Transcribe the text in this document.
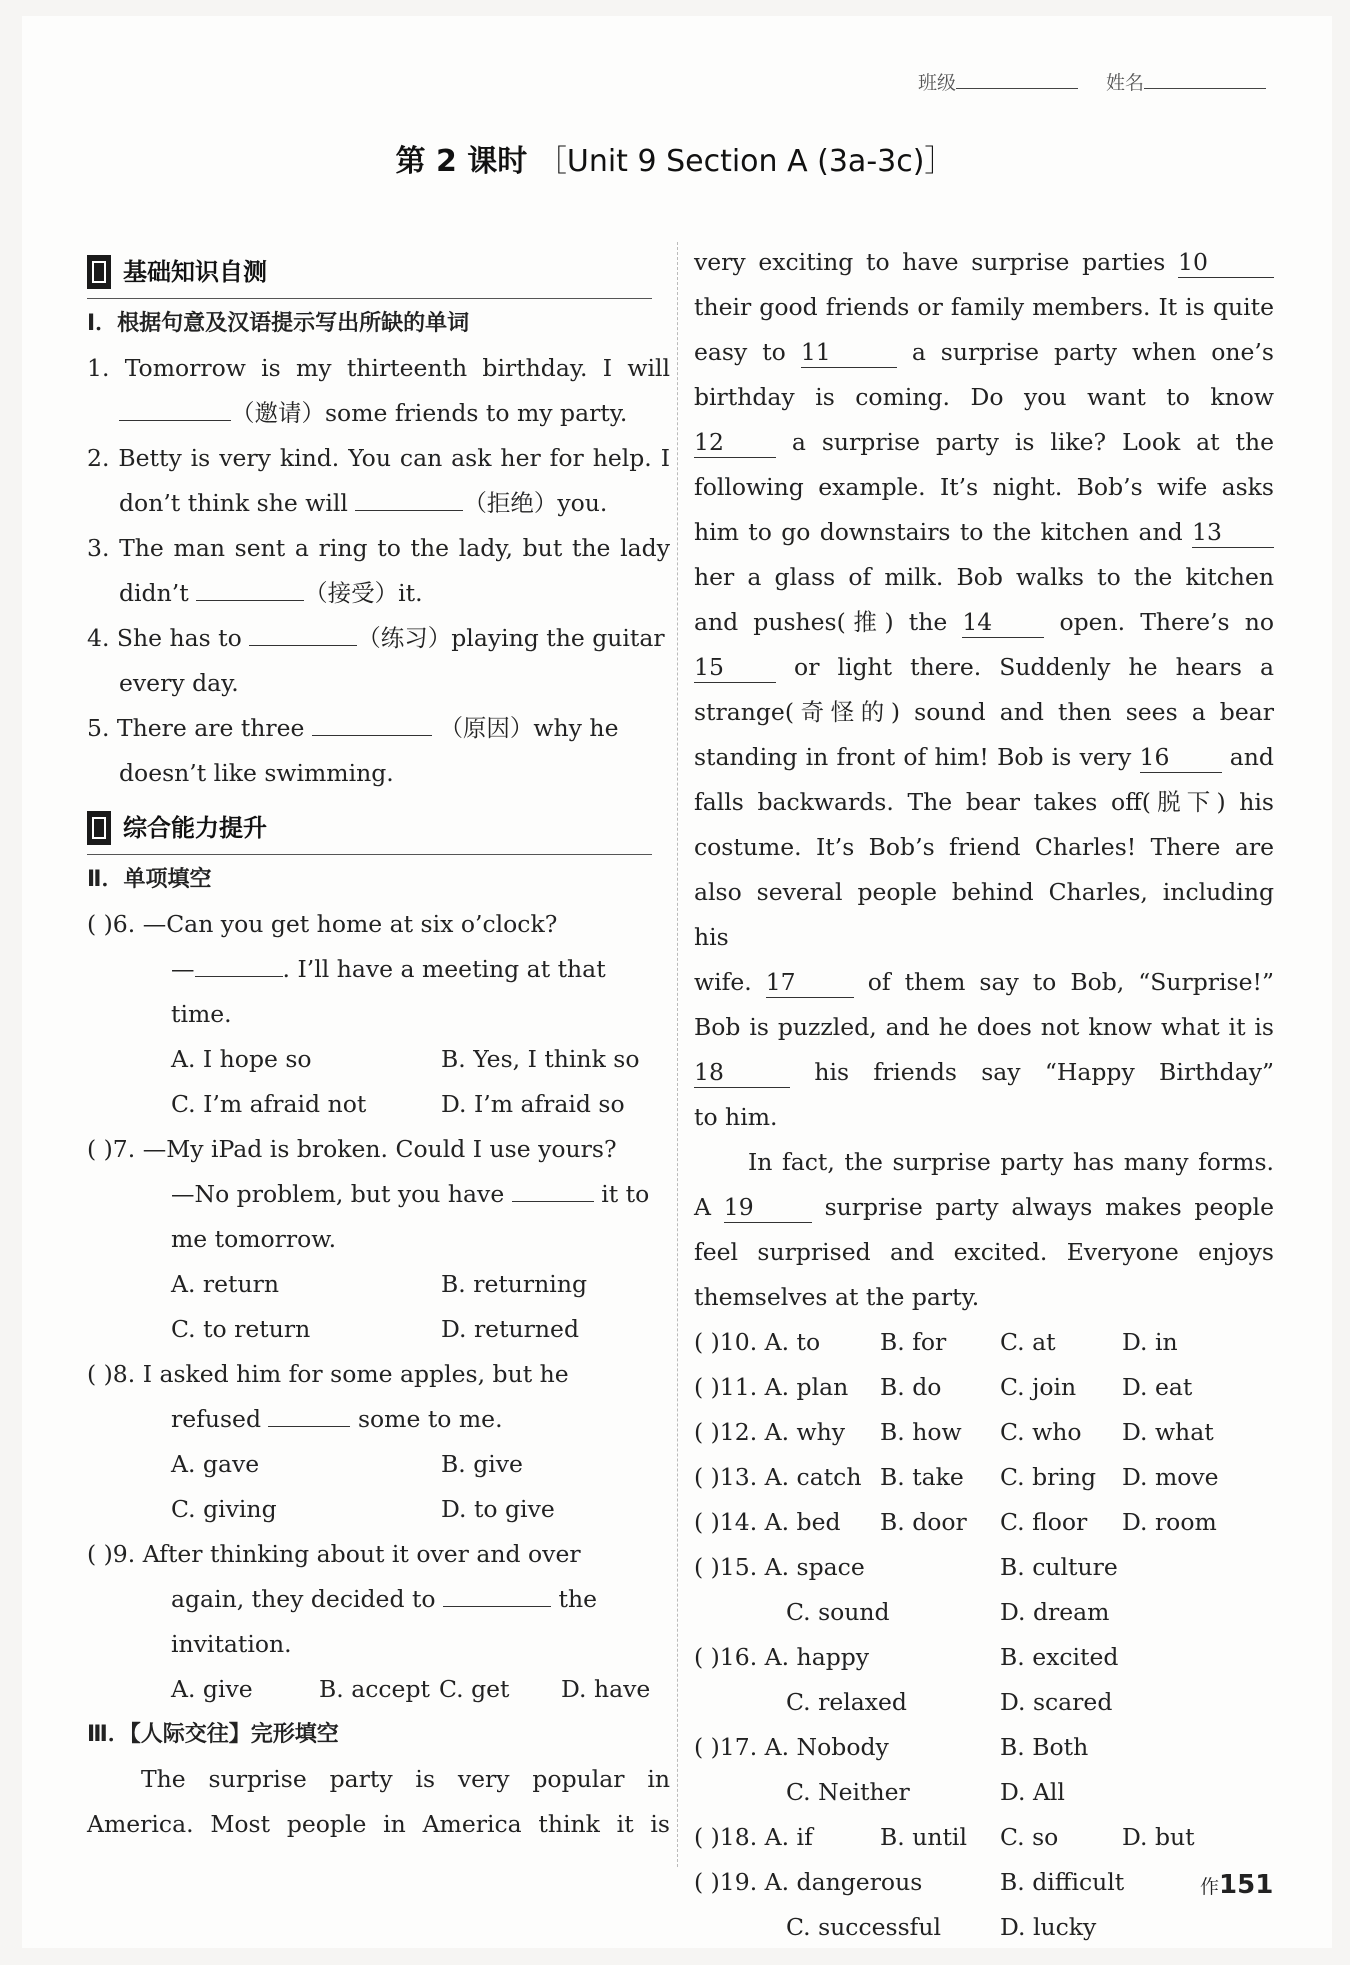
班级	姓名
第 2 课时 ［Unit 9 Section A (3a-3c)］
基础知识自测
Ⅰ．根据句意及汉语提示写出所缺的单词
1. Tomorrow is my thirteenth birthday. I will
（邀请）some friends to my party.
2. Betty is very kind. You can ask her for help. I
don’t think she will	（拒绝）you.
3. The man sent a ring to the lady, but the lady
didn’t	（接受）it.
4. She has to	（练习）playing the guitar
every day.
5. There are three	（原因）why he
doesn’t like swimming.
综合能力提升
Ⅱ．单项填空
( )6. —Can you get home at six o’clock?
—	. I’ll have a meeting at that
time.
A. I hope so	B. Yes, I think so
C. I’m afraid not	D. I’m afraid so
( )7. —My iPad is broken. Could I use yours?
—No problem, but you have	it to
me tomorrow.
A. return	B. returning
C. to return	D. returned
( )8. I asked him for some apples, but he
refused	some to me.
A. gave	B. give
C. giving	D. to give
( )9. After thinking about it over and over
again, they decided to	the
invitation.
A. give	B. accept C. get	D. have
Ⅲ．【人际交往】完形填空
The surprise party is very popular in
America. Most people in America think it is
very exciting to have surprise parties 10
their good friends or family members. It is quite
easy to 11	a surprise party when one’s
birthday is coming. Do you want to know
12	a surprise party is like? Look at the
following example. It’s night. Bob’s wife asks
him to go downstairs to the kitchen and 13
her a glass of milk. Bob walks to the kitchen
and pushes(推) the 14	open. There’s no
15	or light there. Suddenly he hears a
strange(奇怪的) sound and then sees a bear
standing in front of him! Bob is very 16	and
falls backwards. The bear takes off(脱下) his
costume. It’s Bob’s friend Charles! There are
also several people behind Charles, including his
wife. 17	of them say to Bob, “Surprise!”
Bob is puzzled, and he does not know what it is
18	his friends say “Happy Birthday”
to him.
In fact, the surprise party has many forms.
A 19	surprise party always makes people
feel surprised and excited. Everyone enjoys
themselves at the party.
( )10. A. to	B. for	C. at	D. in
( )11. A. plan	B. do	C. join	D. eat
( )12. A. why	B. how	C. who	D. what
( )13. A. catch B. take	C. bring	D. move
( )14. A. bed	B. door	C. floor	D. room
( )15. A. space	B. culture
C. sound	D. dream
( )16. A. happy	B. excited
C. relaxed	D. scared
( )17. A. Nobody	B. Both
C. Neither	D. All
( )18. A. if	B. until	C. so	D. but
( )19. A. dangerous	B. difficult
C. successful	D. lucky
作151
